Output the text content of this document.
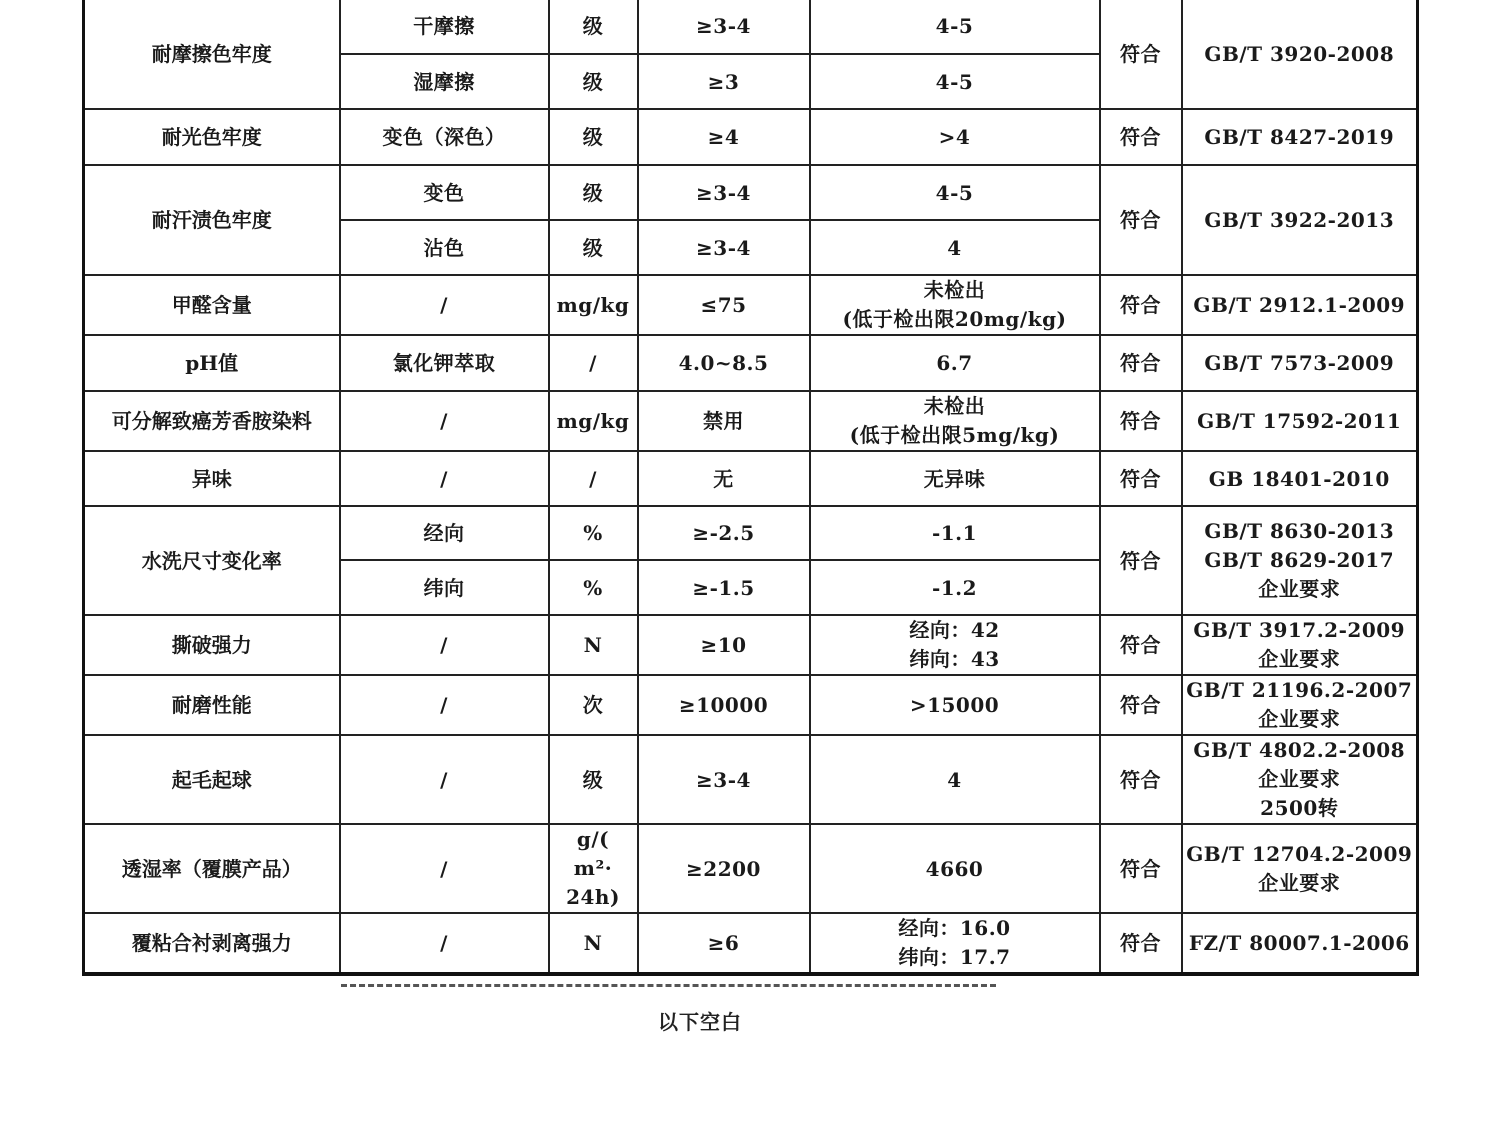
耐摩擦色牢度	干摩擦	级	≥3-4	4-5	符合	GB/T 3920-2008

	湿摩擦	级	≥3	4-5		

耐光色牢度	变色（深色）	级	≥4	>4	符合	GB/T 8427-2019

耐汗渍色牢度	变色	级	≥3-4	4-5	符合	GB/T 3922-2013

	沾色	级	≥3-4	4		

甲醛含量	/	mg/kg	≤75	未检出
(低于检出限20mg/kg)	符合	GB/T 2912.1-2009

pH值	氯化钾萃取	/	4.0~8.5	6.7	符合	GB/T 7573-2009

可分解致癌芳香胺染料	/	mg/kg	禁用	未检出
(低于检出限5mg/kg)	符合	GB/T 17592-2011

异味	/	/	无	无异味	符合	GB 18401-2010

水洗尺寸变化率	经向	%	≥-2.5	-1.1	符合	GB/T 8630-2013
GB/T 8629-2017
企业要求

	纬向	%	≥-1.5	-1.2		

撕破强力	/	N	≥10	经向：42
纬向：43	符合	GB/T 3917.2-2009
企业要求

耐磨性能	/	次	≥10000	>15000	符合	GB/T 21196.2-2007
企业要求

起毛起球	/	级	≥3-4	4	符合	GB/T 4802.2-2008
企业要求
2500转

透湿率（覆膜产品）	/	g/(
m²·
24h)	≥2200	4660	符合	GB/T 12704.2-2009
企业要求

覆粘合衬剥离强力	/	N	≥6	经向：16.0
纬向：17.7	符合	FZ/T 80007.1-2006
以下空白
